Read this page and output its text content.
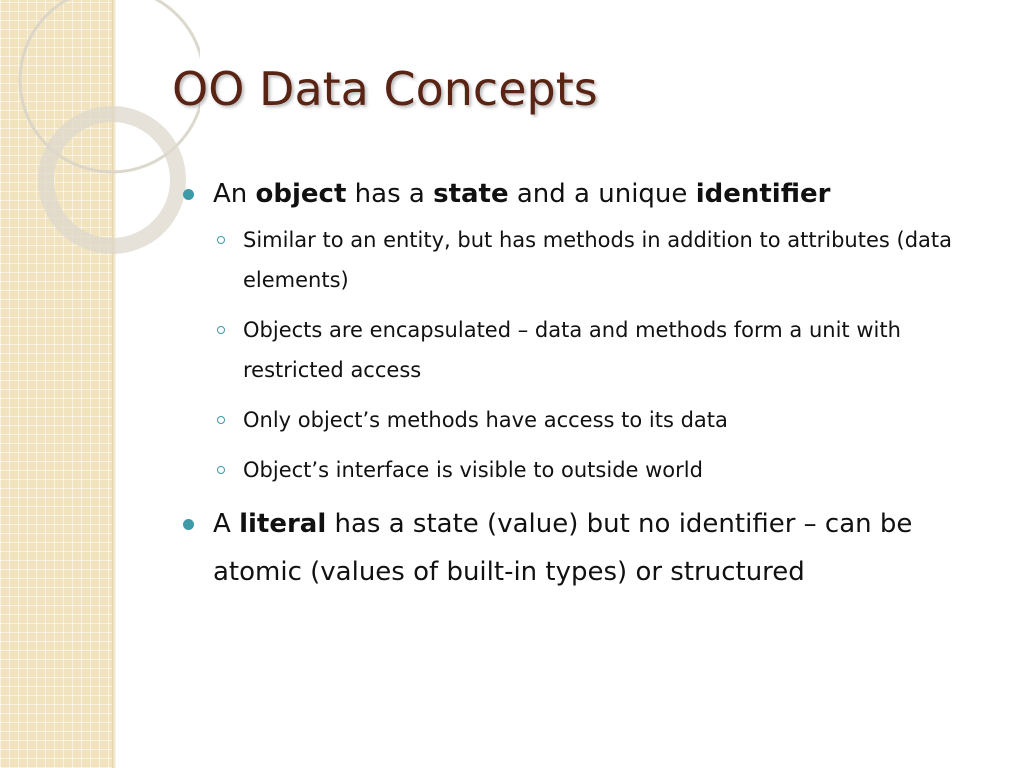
OO Data Concepts

An object has a state and a unique identifier

Similar to an entity, but has methods in addition to attributes (data elements)

Objects are encapsulated – data and methods form a unit with restricted access

Only object’s methods have access to its data

Object’s interface is visible to outside world

A literal has a state (value) but no identifier – can be atomic (values of built-in types) or structured
